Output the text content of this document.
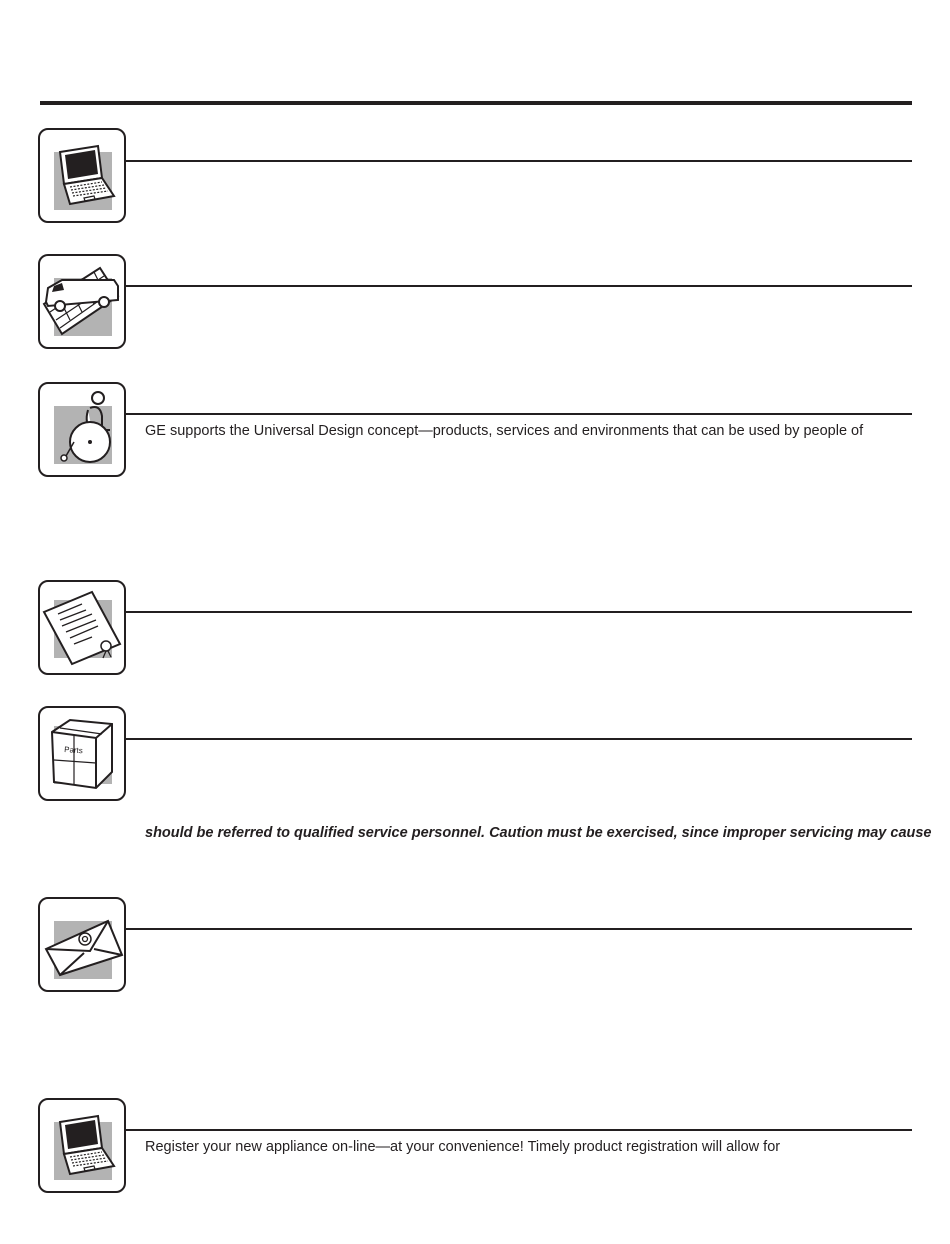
GE supports the Universal Design concept—products, services and environments that can be used by people of
Parts
should be referred to qualified service personnel. Caution must be exercised, since improper servicing may cause
Register your new appliance on-line—at your convenience! Timely product registration will allow for
